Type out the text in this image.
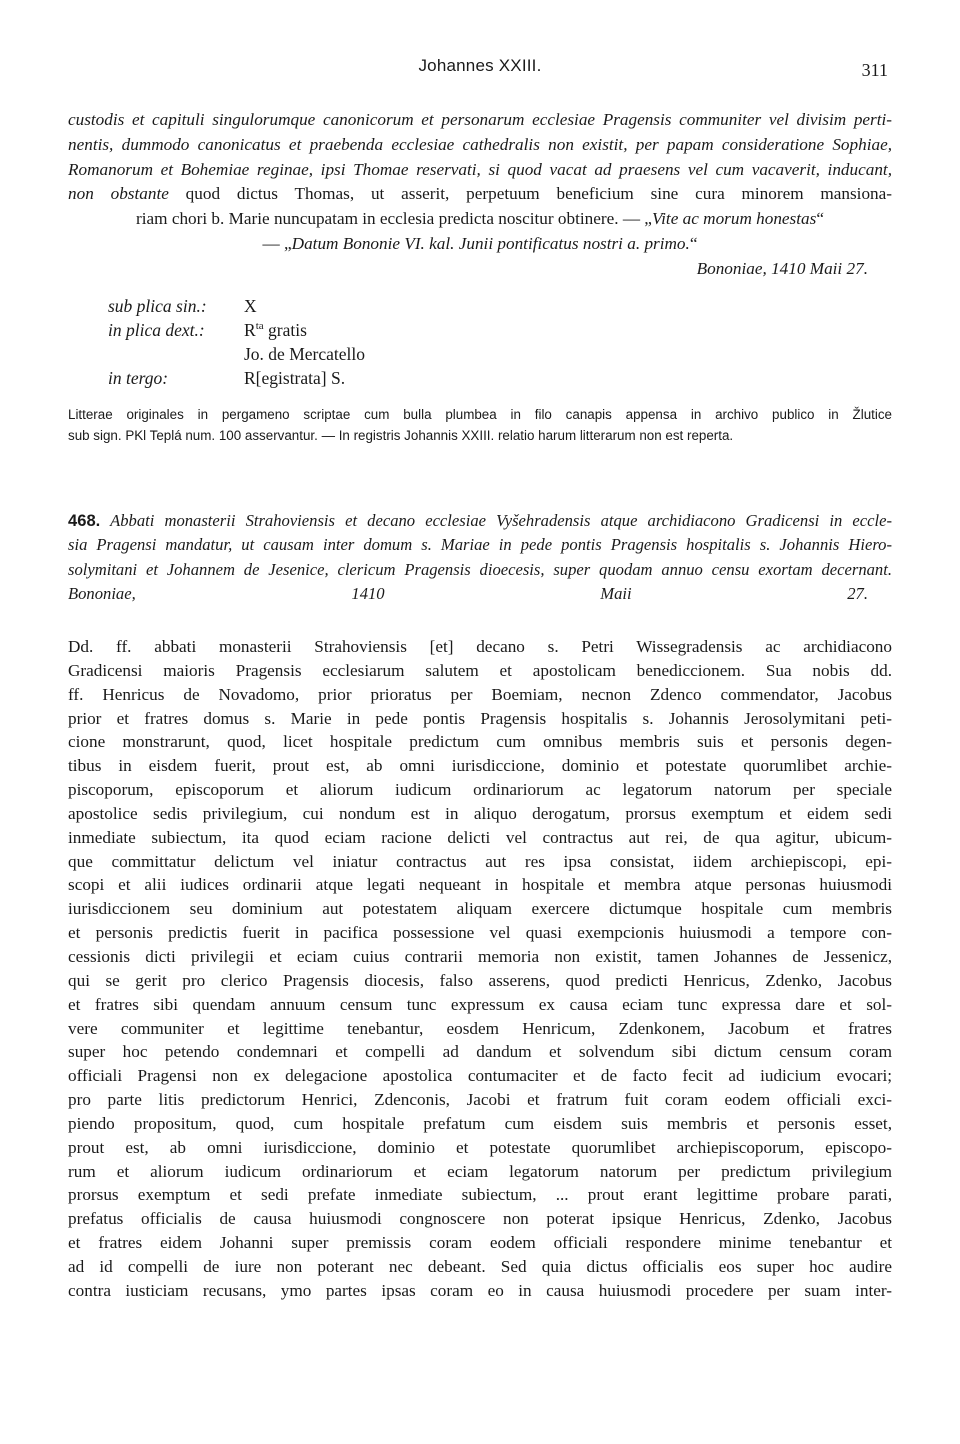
Johannes XXIII.	311
custodis et capituli singulorumque canonicorum et personarum ecclesiae Pragensis communiter vel divisim perti-
nentis, dummodo canonicatus et praebenda ecclesiae cathedralis non existit, per papam consideratione Sophiae,
Romanorum et Bohemiae reginae, ipsi Thomae reservati, si quod vacat ad praesens vel cum vacaverit, inducant,
non obstante quod dictus Thomas, ut asserit, perpetuum beneficium sine cura minorem mansiona-
riam chori b. Marie nuncupatam in ecclesia predicta noscitur obtinere. — „Vite ac morum honestas“
— „Datum Bononie VI. kal. Junii pontificatus nostri a. primo.“
Bononiae, 1410 Maii 27.
sub plica sin.:	X
in plica dext.:	$R^{ta}$ gratis
Jo. de Mercatello
in tergo:	R[egistrata] S.
Litterae originales in pergameno scriptae cum bulla plumbea in filo canapis appensa in archivo publico in Žlutice
sub sign. PKl Teplá num. 100 asservantur. — In registris Johannis XXIII. relatio harum litterarum non est reperta.
468. Abbati monasterii Strahoviensis et decano ecclesiae Vyšehradensis atque archidiacono Gradicensi in eccle-
sia Pragensi mandatur, ut causam inter domum s. Mariae in pede pontis Pragensis hospitalis s. Johannis Hiero-
solymitani et Johannem de Jesenice, clericum Pragensis dioecesis, super quodam annuo censu exortam decernant.
Bononiae, 1410 Maii 27.
Dd. ff. abbati monasterii Strahoviensis [et] decano s. Petri Wissegradensis ac archidiacono
Gradicensi maioris Pragensis ecclesiarum salutem et apostolicam benediccionem. Sua nobis dd.
ff. Henricus de Novadomo, prior prioratus per Boemiam, necnon Zdenco commendator, Jacobus
prior et fratres domus s. Marie in pede pontis Pragensis hospitalis s. Johannis Jerosolymitani peti-
cione monstrarunt, quod, licet hospitale predictum cum omnibus membris suis et personis degen-
tibus in eisdem fuerit, prout est, ab omni iurisdiccione, dominio et potestate quorumlibet archie-
piscoporum, episcoporum et aliorum iudicum ordinariorum ac legatorum natorum per speciale
apostolice sedis privilegium, cui nondum est in aliquo derogatum, prorsus exemptum et eidem sedi
inmediate subiectum, ita quod eciam racione delicti vel contractus aut rei, de qua agitur, ubicum-
que committatur delictum vel iniatur contractus aut res ipsa consistat, iidem archiepiscopi, epi-
scopi et alii iudices ordinarii atque legati nequeant in hospitale et membra atque personas huiusmodi
iurisdiccionem seu dominium aut potestatem aliquam exercere dictumque hospitale cum membris
et personis predictis fuerit in pacifica possessione vel quasi exempcionis huiusmodi a tempore con-
cessionis dicti privilegii et eciam cuius contrarii memoria non existit, tamen Johannes de Jessenicz,
qui se gerit pro clerico Pragensis diocesis, falso asserens, quod predicti Henricus, Zdenko, Jacobus
et fratres sibi quendam annuum censum tunc expressum ex causa eciam tunc expressa dare et sol-
vere communiter et legittime tenebantur, eosdem Henricum, Zdenkonem, Jacobum et fratres
super hoc petendo condemnari et compelli ad dandum et solvendum sibi dictum censum coram
officiali Pragensi non ex delegacione apostolica contumaciter et de facto fecit ad iudicium evocari;
pro parte litis predictorum Henrici, Zdenconis, Jacobi et fratrum fuit coram eodem officiali exci-
piendo propositum, quod, cum hospitale prefatum cum eisdem suis membris et personis esset,
prout est, ab omni iurisdiccione, dominio et potestate quorumlibet archiepiscoporum, episcopo-
rum et aliorum iudicum ordinariorum et eciam legatorum natorum per predictum privilegium
prorsus exemptum et sedi prefate inmediate subiectum, ... prout erant legittime probare parati,
prefatus officialis de causa huiusmodi congnoscere non poterat ipsique Henricus, Zdenko, Jacobus
et fratres eidem Johanni super premissis coram eodem officiali respondere minime tenebantur et
ad id compelli de iure non poterant nec debeant. Sed quia dictus officialis eos super hoc audire
contra iusticiam recusans, ymo partes ipsas coram eo in causa huiusmodi procedere per suam inter-
